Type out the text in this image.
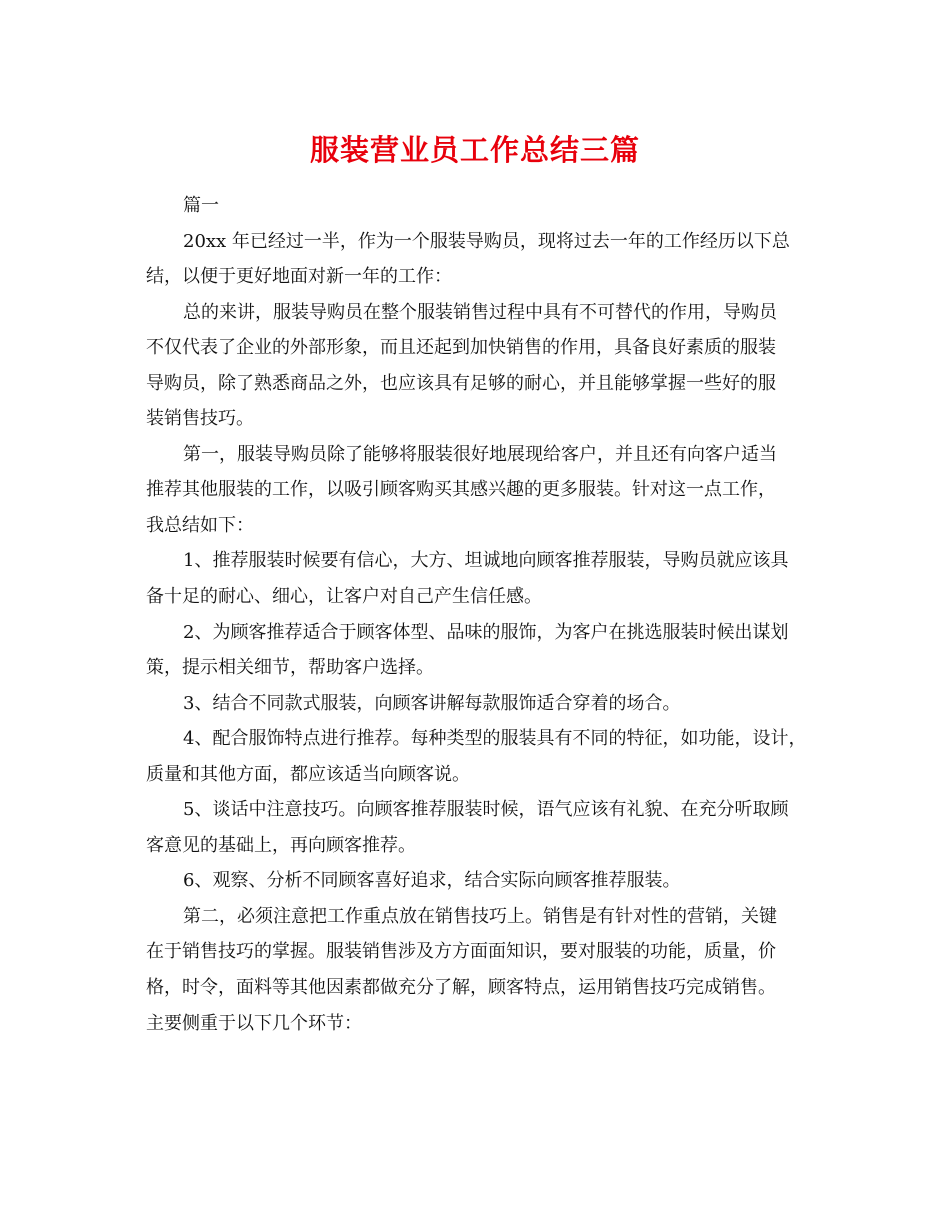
服装营业员工作总结三篇
篇一
20xx 年已经过一半，作为一个服装导购员，现将过去一年的工作经历以下总
结，以便于更好地面对新一年的工作：
总的来讲，服装导购员在整个服装销售过程中具有不可替代的作用，导购员
不仅代表了企业的外部形象，而且还起到加快销售的作用，具备良好素质的服装
导购员，除了熟悉商品之外，也应该具有足够的耐心，并且能够掌握一些好的服
装销售技巧。
第一，服装导购员除了能够将服装很好地展现给客户，并且还有向客户适当
推荐其他服装的工作，以吸引顾客购买其感兴趣的更多服装。针对这一点工作，
我总结如下：
1、推荐服装时候要有信心，大方、坦诚地向顾客推荐服装，导购员就应该具
备十足的耐心、细心，让客户对自己产生信任感。
2、为顾客推荐适合于顾客体型、品味的服饰，为客户在挑选服装时候出谋划
策，提示相关细节，帮助客户选择。
3、结合不同款式服装，向顾客讲解每款服饰适合穿着的场合。
4、配合服饰特点进行推荐。每种类型的服装具有不同的特征，如功能，设计，
质量和其他方面，都应该适当向顾客说。
5、谈话中注意技巧。向顾客推荐服装时候，语气应该有礼貌、在充分听取顾
客意见的基础上，再向顾客推荐。
6、观察、分析不同顾客喜好追求，结合实际向顾客推荐服装。
第二，必须注意把工作重点放在销售技巧上。销售是有针对性的营销，关键
在于销售技巧的掌握。服装销售涉及方方面面知识，要对服装的功能，质量，价
格，时令，面料等其他因素都做充分了解，顾客特点，运用销售技巧完成销售。
主要侧重于以下几个环节：
